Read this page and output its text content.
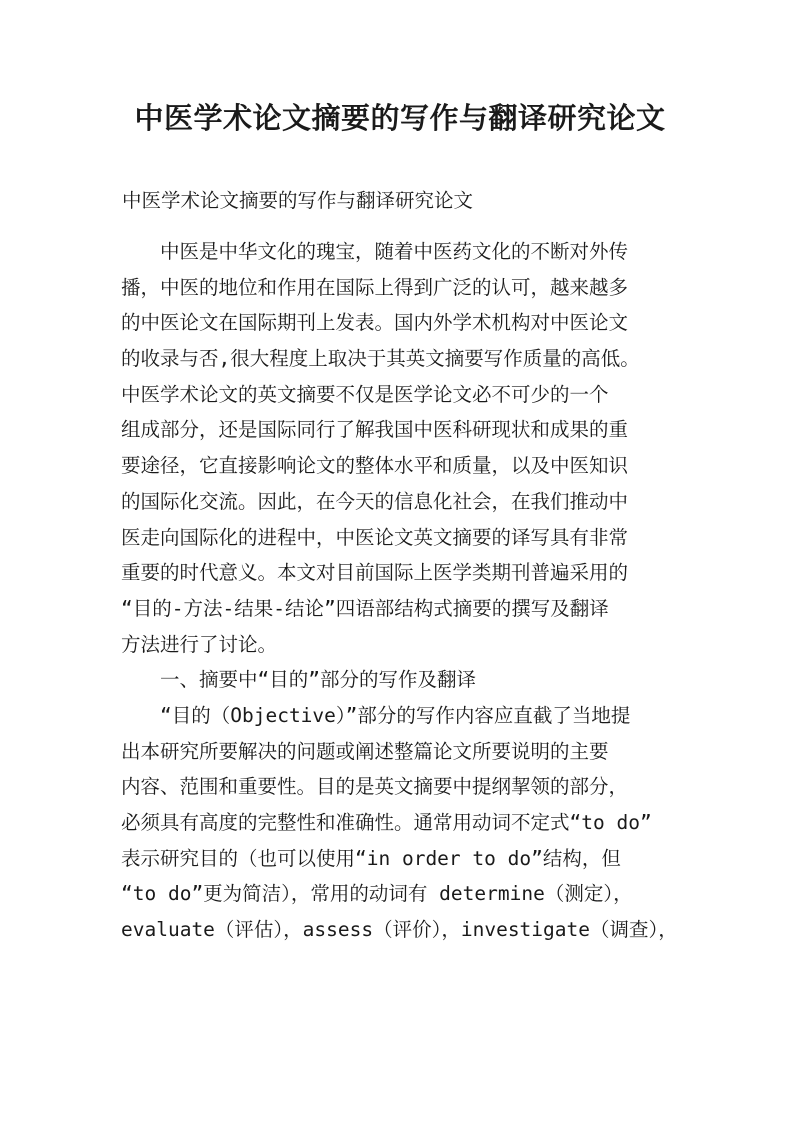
中医学术论文摘要的写作与翻译研究论文

中医学术论文摘要的写作与翻译研究论文

中医是中华文化的瑰宝，随着中医药文化的不断对外传
播，中医的地位和作用在国际上得到广泛的认可，越来越多
的中医论文在国际期刊上发表。国内外学术机构对中医论文
的收录与否,很大程度上取决于其英文摘要写作质量的高低。
中医学术论文的英文摘要不仅是医学论文必不可少的一个
组成部分，还是国际同行了解我国中医科研现状和成果的重
要途径，它直接影响论文的整体水平和质量，以及中医知识
的国际化交流。因此，在今天的信息化社会，在我们推动中
医走向国际化的进程中，中医论文英文摘要的译写具有非常
重要的时代意义。本文对目前国际上医学类期刊普遍采用的
“目的-方法-结果-结论”四语部结构式摘要的撰写及翻译
方法进行了讨论。
一、摘要中“目的”部分的写作及翻译
“目的（Objective）”部分的写作内容应直截了当地提
出本研究所要解决的问题或阐述整篇论文所要说明的主要
内容、范围和重要性。目的是英文摘要中提纲挈领的部分，
必须具有高度的完整性和准确性。通常用动词不定式“to do”
表示研究目的（也可以使用“in order to do”结构，但
“to do”更为简洁），常用的动词有 determine（测定），
evaluate（评估），assess（评价），investigate（调查），
